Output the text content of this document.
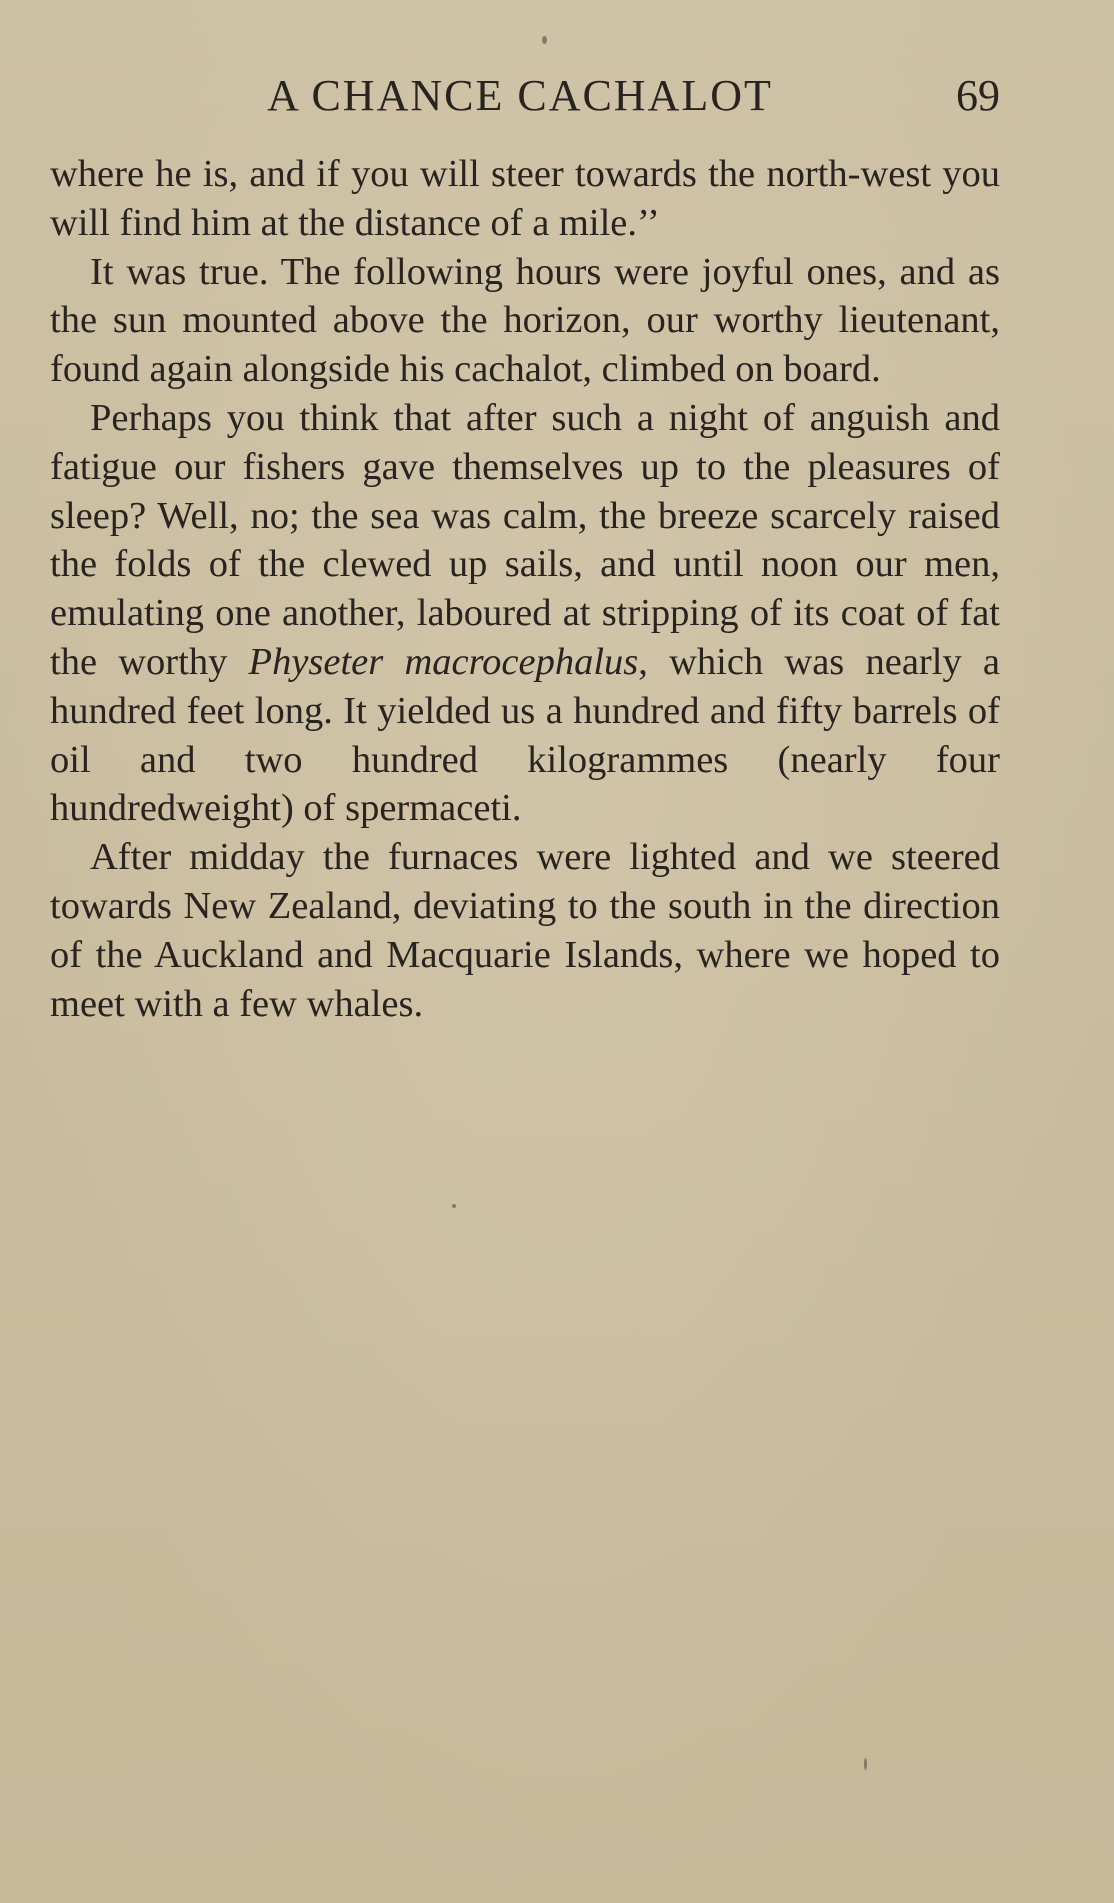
A CHANCE CACHALOT	69

where he is, and if you will steer towards the north-west you will find him at the distance of a mile.’’

It was true. The following hours were joyful ones, and as the sun mounted above the horizon, our worthy lieutenant, found again alongside his cachalot, climbed on board.

Perhaps you think that after such a night of anguish and fatigue our fishers gave themselves up to the pleasures of sleep? Well, no; the sea was calm, the breeze scarcely raised the folds of the clewed up sails, and until noon our men, emulating one another, laboured at stripping of its coat of fat the worthy Physeter macrocephalus, which was nearly a hundred feet long. It yielded us a hundred and fifty barrels of oil and two hundred kilogrammes (nearly four hundredweight) of spermaceti.

After midday the furnaces were lighted and we steered towards New Zealand, deviating to the south in the direction of the Auckland and Macquarie Islands, where we hoped to meet with a few whales.
